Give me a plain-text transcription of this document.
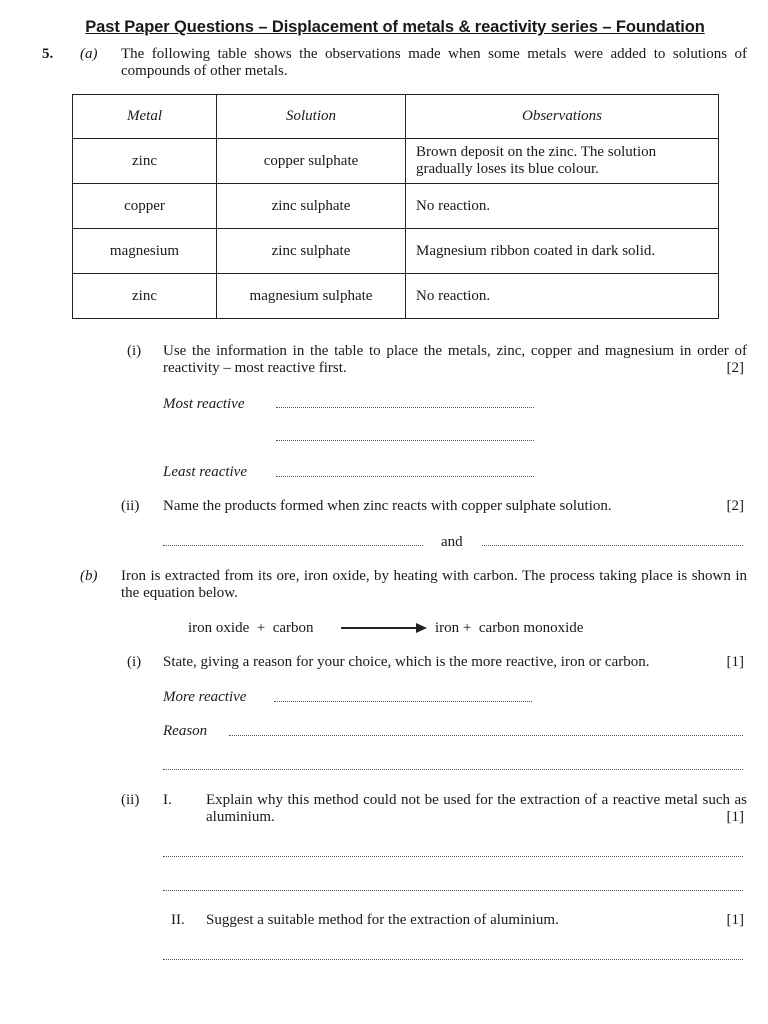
Past Paper Questions – Displacement of metals & reactivity series – Foundation
5. (a) The following table shows the observations made when some metals were added to solutions of compounds of other metals.
Metal	Solution	Observations
zinc	copper sulphate	Brown deposit on the zinc. The solution gradually loses its blue colour.
copper	zinc sulphate	No reaction.
magnesium	zinc sulphate	Magnesium ribbon coated in dark solid.
zinc	magnesium sulphate	No reaction.
(i) Use the information in the table to place the metals, zinc, copper and magnesium in order of reactivity – most reactive first.	[2]
Most reactive
Least reactive
(ii) Name the products formed when zinc reacts with copper sulphate solution.	[2]
and
(b) Iron is extracted from its ore, iron oxide, by heating with carbon. The process taking place is shown in the equation below.
iron oxide  +  carbon	iron +  carbon monoxide
(i) State, giving a reason for your choice, which is the more reactive, iron or carbon.	[1]
More reactive
Reason
(ii) I. Explain why this method could not be used for the extraction of a reactive metal such as aluminium.	[1]
II. Suggest a suitable method for the extraction of aluminium.	[1]
